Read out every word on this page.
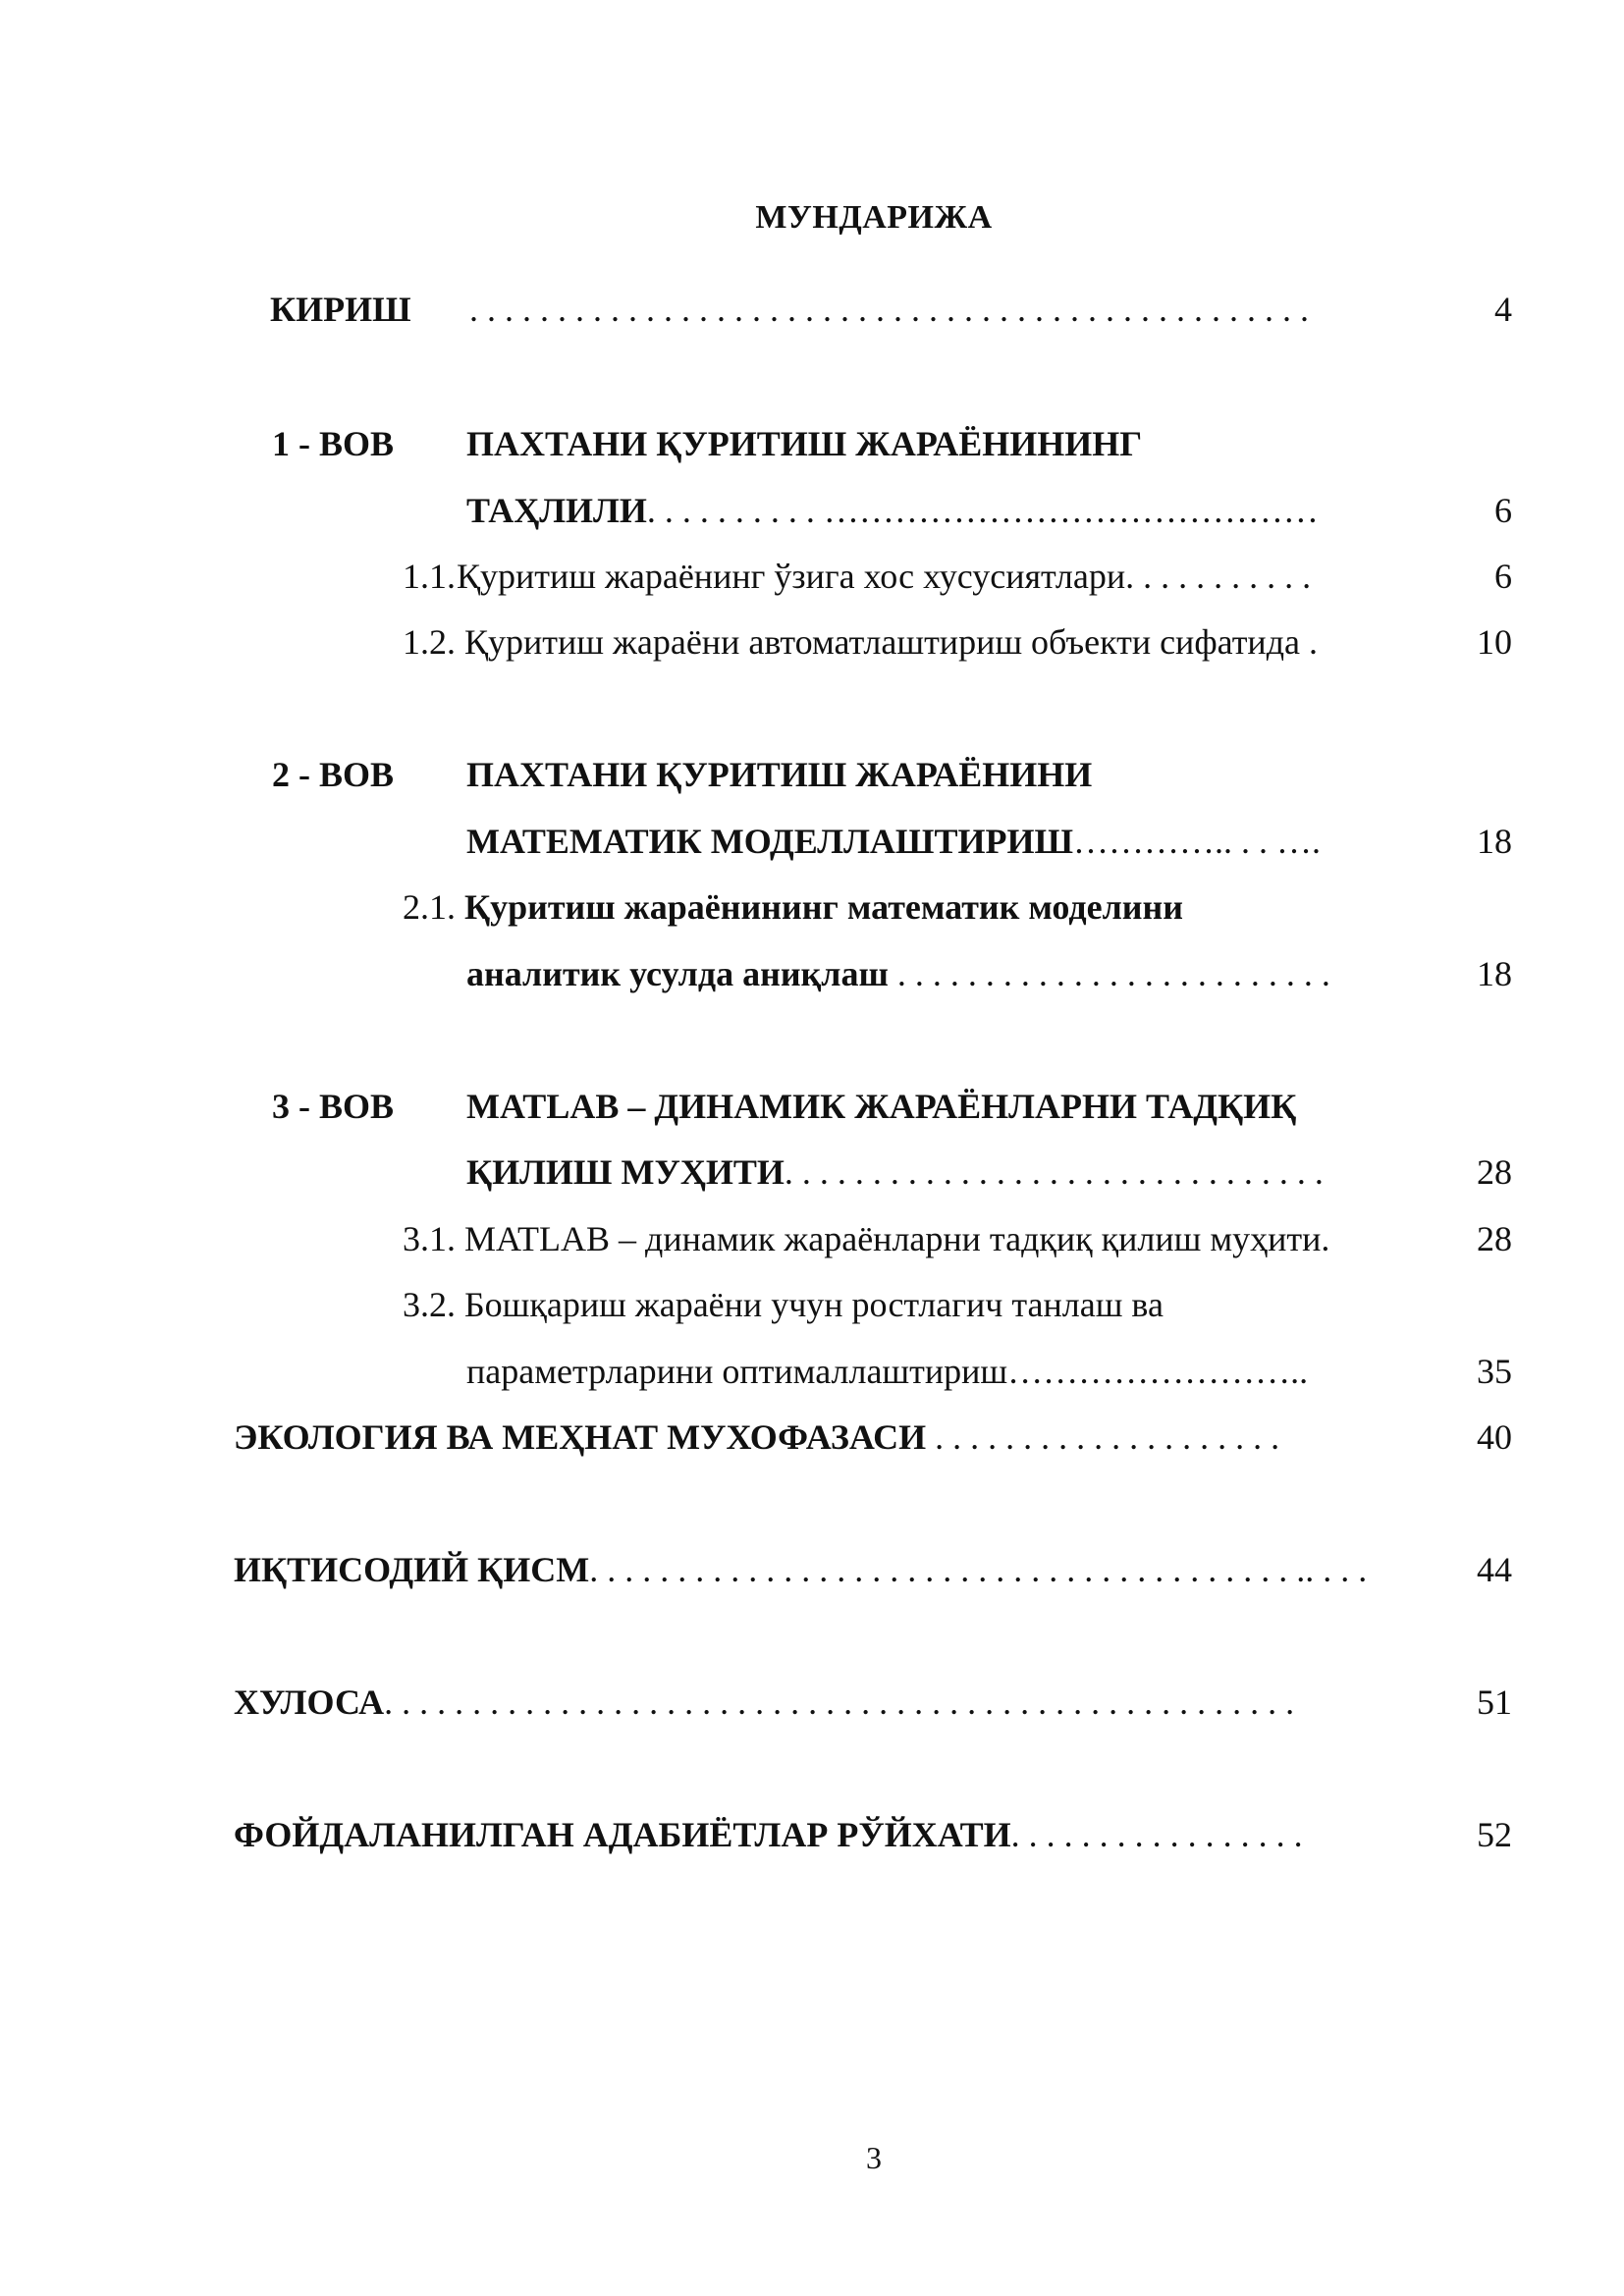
МУНДАРИЖА
КИРИШ . . . . . . . . . . . . . . . . . . . . . . . . . . . . . . . . . . . . . . . . . . . . . . . .	4
1 - ВОВ ПАХТАНИ ҚУРИТИШ ЖАРАЁНИНИНГ
ТАҲЛИЛИ. . . . . . . . . . ……………………………………	6
1.1. Қуритиш жараёнинг ўзига хос хусусиятлари. . . . . . . . . . .	6
1.2. Қуритиш жараёни автоматлаштириш объекти сифатида .	10
2 - ВОВ ПАХТАНИ ҚУРИТИШ ЖАРАЁНИНИ
МАТЕМАТИК МОДЕЛЛАШТИРИШ………….. . . ….	18
2.1. Қуритиш жараёнининг математик моделини
аналитик усулда аниқлаш . . . . . . . . . . . . . . . . . . . . . . . . .	18
3 - ВОВ MATLAB – ДИНАМИК ЖАРАЁНЛАРНИ ТАДҚИҚ
ҚИЛИШ МУҲИТИ. . . . . . . . . . . . . . . . . . . . . . . . . . . . . . .	28
3.1. MATLAB – динамик жараёнларни тадқиқ қилиш муҳити.	28
3.2. Бошқариш жараёни учун ростлагич танлаш ва
параметрларини оптималлаштириш……………………..	35
ЭКОЛОГИЯ ВА МЕҲНАТ МУХОФАЗАСИ . . . . . . . . . . . . . . . . . . . .	40
ИҚТИСОДИЙ ҚИСМ. . . . . . . . . . . . . . . . . . . . . . . . . . . . . . . . . . . . . . . . .. . . .	44
ХУЛОСА. . . . . . . . . . . . . . . . . . . . . . . . . . . . . . . . . . . . . . . . . . . . . . . . . . . .	51
ФОЙДАЛАНИЛГАН АДАБИЁТЛАР РЎЙХАТИ. . . . . . . . . . . . . . . . .	52
3
